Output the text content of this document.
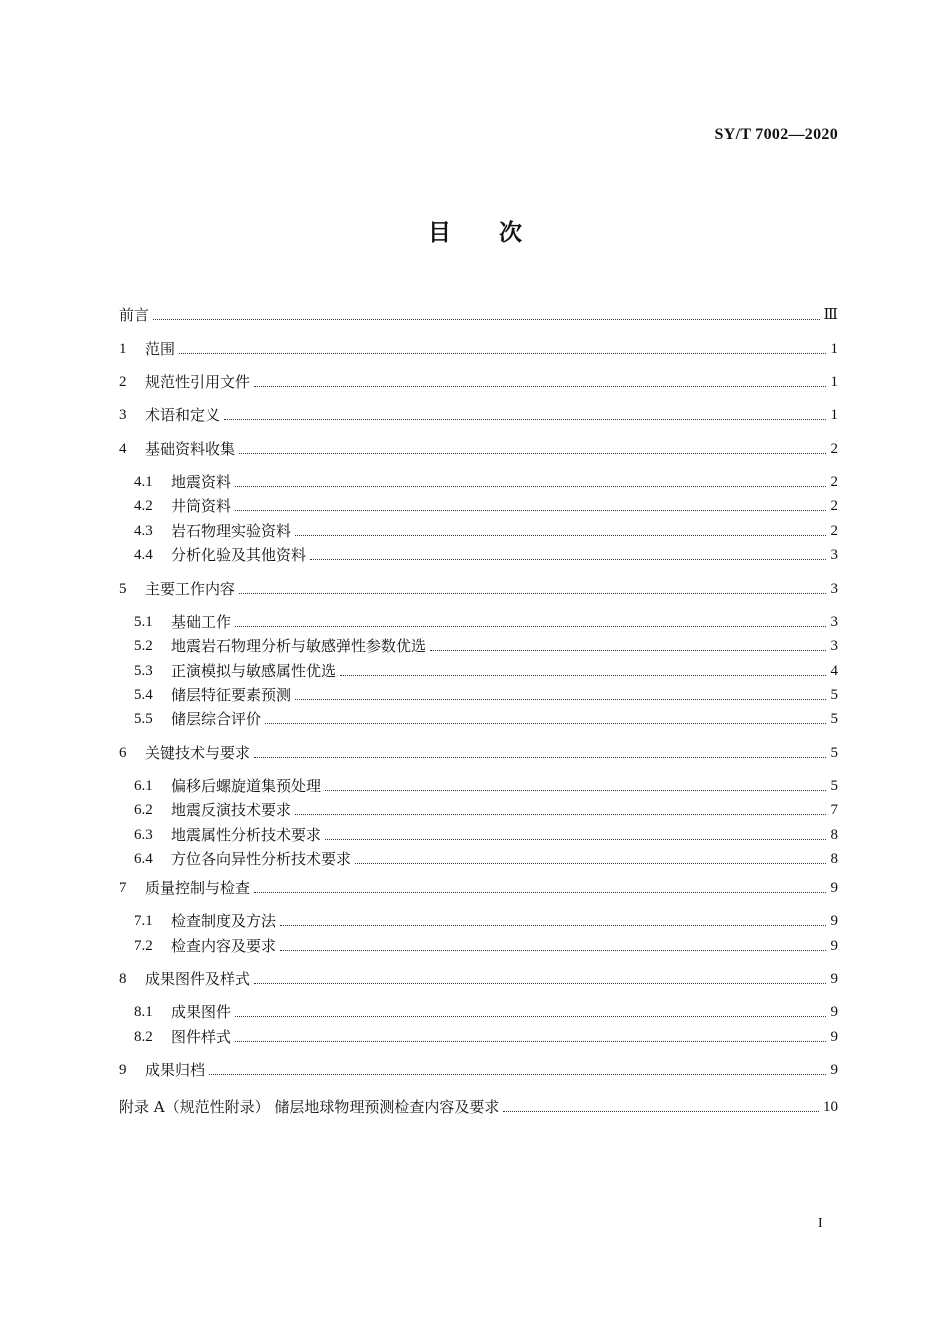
SY/T 7002—2020
目次
前言	Ⅲ
1	范围	1
2	规范性引用文件	1
3	术语和定义	1
4	基础资料收集	2
4.1	地震资料	2
4.2	井筒资料	2
4.3	岩石物理实验资料	2
4.4	分析化验及其他资料	3
5	主要工作内容	3
5.1	基础工作	3
5.2	地震岩石物理分析与敏感弹性参数优选	3
5.3	正演模拟与敏感属性优选	4
5.4	储层特征要素预测	5
5.5	储层综合评价	5
6	关键技术与要求	5
6.1	偏移后螺旋道集预处理	5
6.2	地震反演技术要求	7
6.3	地震属性分析技术要求	8
6.4	方位各向异性分析技术要求	8
7	质量控制与检查	9
7.1	检查制度及方法	9
7.2	检查内容及要求	9
8	成果图件及样式	9
8.1	成果图件	9
8.2	图件样式	9
9	成果归档	9
附录 A（规范性附录） 储层地球物理预测检查内容及要求	10
I
